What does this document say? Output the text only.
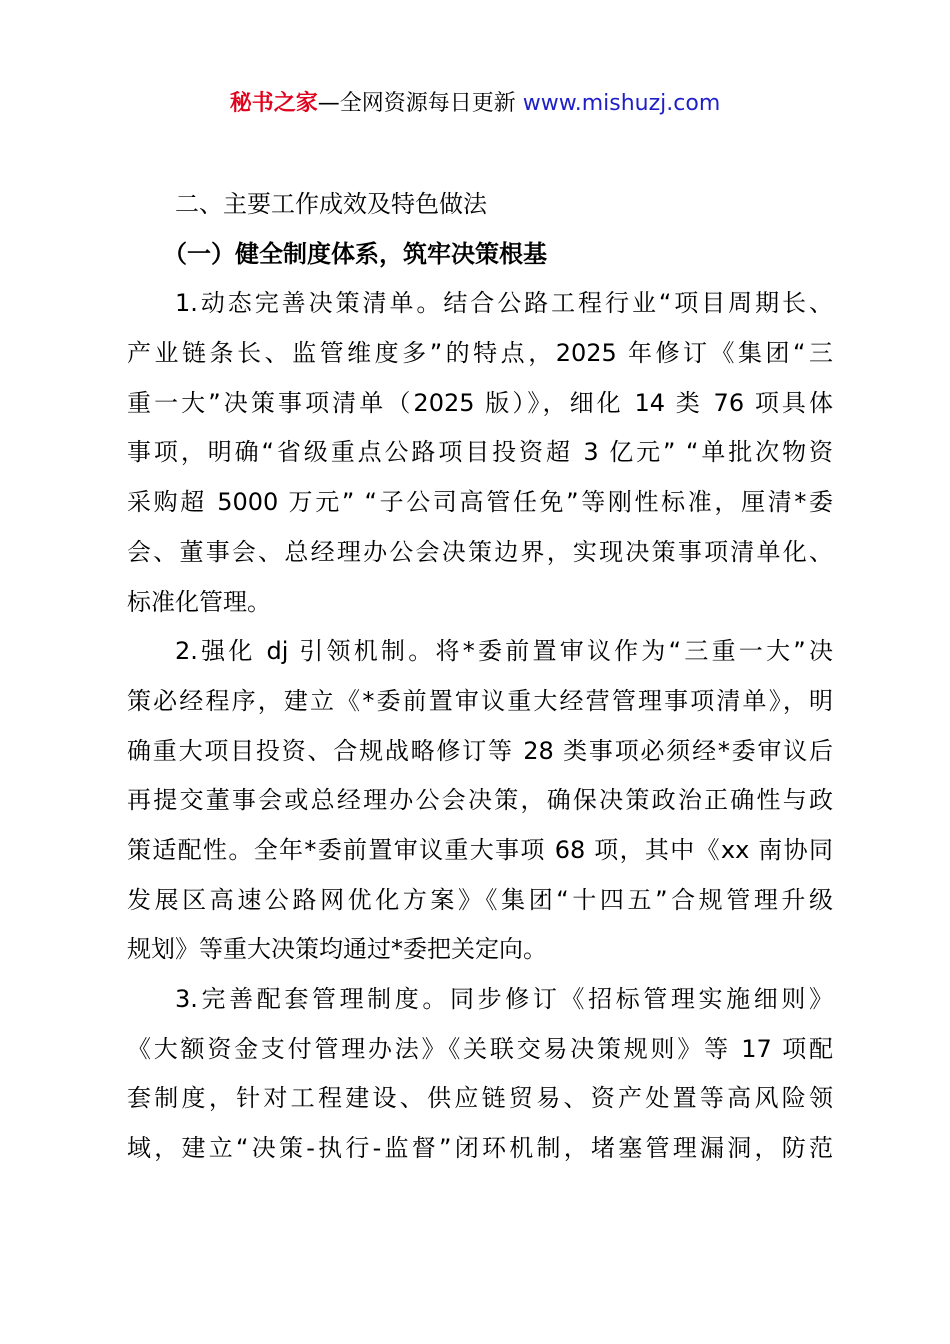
秘书之家—全网资源每日更新 www.mishuzj.com
二、主要工作成效及特色做法
（一）健全制度体系，筑牢决策根基
1.动态完善决策清单。结合公路工程行业“项目周期长、
产业链条长、监管维度多”的特点，2025 年修订《集团“三
重一大”决策事项清单（2025 版）》，细化 14 类 76 项具体
事项，明确“省级重点公路项目投资超 3 亿元” “单批次物资
采购超 5000 万元” “子公司高管任免”等刚性标准，厘清*委
会、董事会、总经理办公会决策边界，实现决策事项清单化、
标准化管理。
2.强化 dj 引领机制。将*委前置审议作为“三重一大”决
策必经程序，建立《*委前置审议重大经营管理事项清单》，明
确重大项目投资、合规战略修订等 28 类事项必须经*委审议后
再提交董事会或总经理办公会决策，确保决策政治正确性与政
策适配性。全年*委前置审议重大事项 68 项，其中《xx 南协同
发展区高速公路网优化方案》《集团“十四五”合规管理升级
规划》等重大决策均通过*委把关定向。
3.完善配套管理制度。同步修订《招标管理实施细则》
《大额资金支付管理办法》《关联交易决策规则》等 17 项配
套制度，针对工程建设、供应链贸易、资产处置等高风险领
域，建立“决策-执行-监督”闭环机制，堵塞管理漏洞，防范
